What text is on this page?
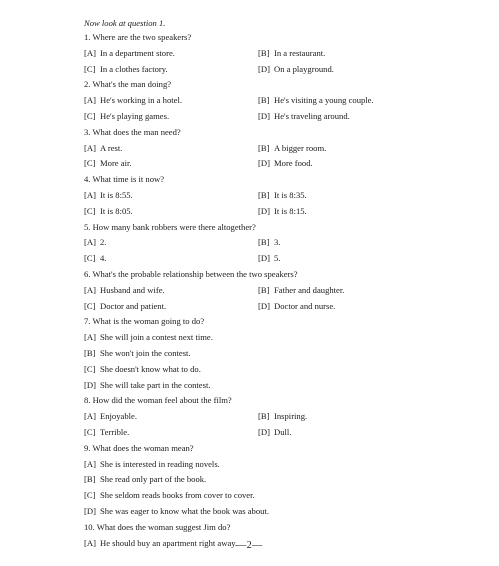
Now look at question 1.

1. Where are the two speakers?
[A] In a department store.	[B] In a restaurant.
[C] In a clothes factory.	[D] On a playground.
2. What's the man doing?
[A] He's working in a hotel.	[B] He's visiting a young couple.
[C] He's playing games.	[D] He's traveling around.
3. What does the man need?
[A] A rest.	[B] A bigger room.
[C] More air.	[D] More food.
4. What time is it now?
[A] It is 8:55.	[B] It is 8:35.
[C] It is 8:05.	[D] It is 8:15.
5. How many bank robbers were there altogether?
[A] 2.	[B] 3.
[C] 4.	[D] 5.
6. What's the probable relationship between the two speakers?
[A] Husband and wife.	[B] Father and daughter.
[C] Doctor and patient.	[D] Doctor and nurse.
7. What is the woman going to do?
[A] She will join a contest next time.
[B] She won't join the contest.
[C] She doesn't know what to do.
[D] She will take part in the contest.
8. How did the woman feel about the film?
[A] Enjoyable.	[B] Inspiring.
[C] Terrible.	[D] Dull.
9. What does the woman mean?
[A] She is interested in reading novels.
[B] She read only part of the book.
[C] She seldom reads books from cover to cover.
[D] She was eager to know what the book was about.
10. What does the woman suggest Jim do?
[A] He should buy an apartment right away. —2—
